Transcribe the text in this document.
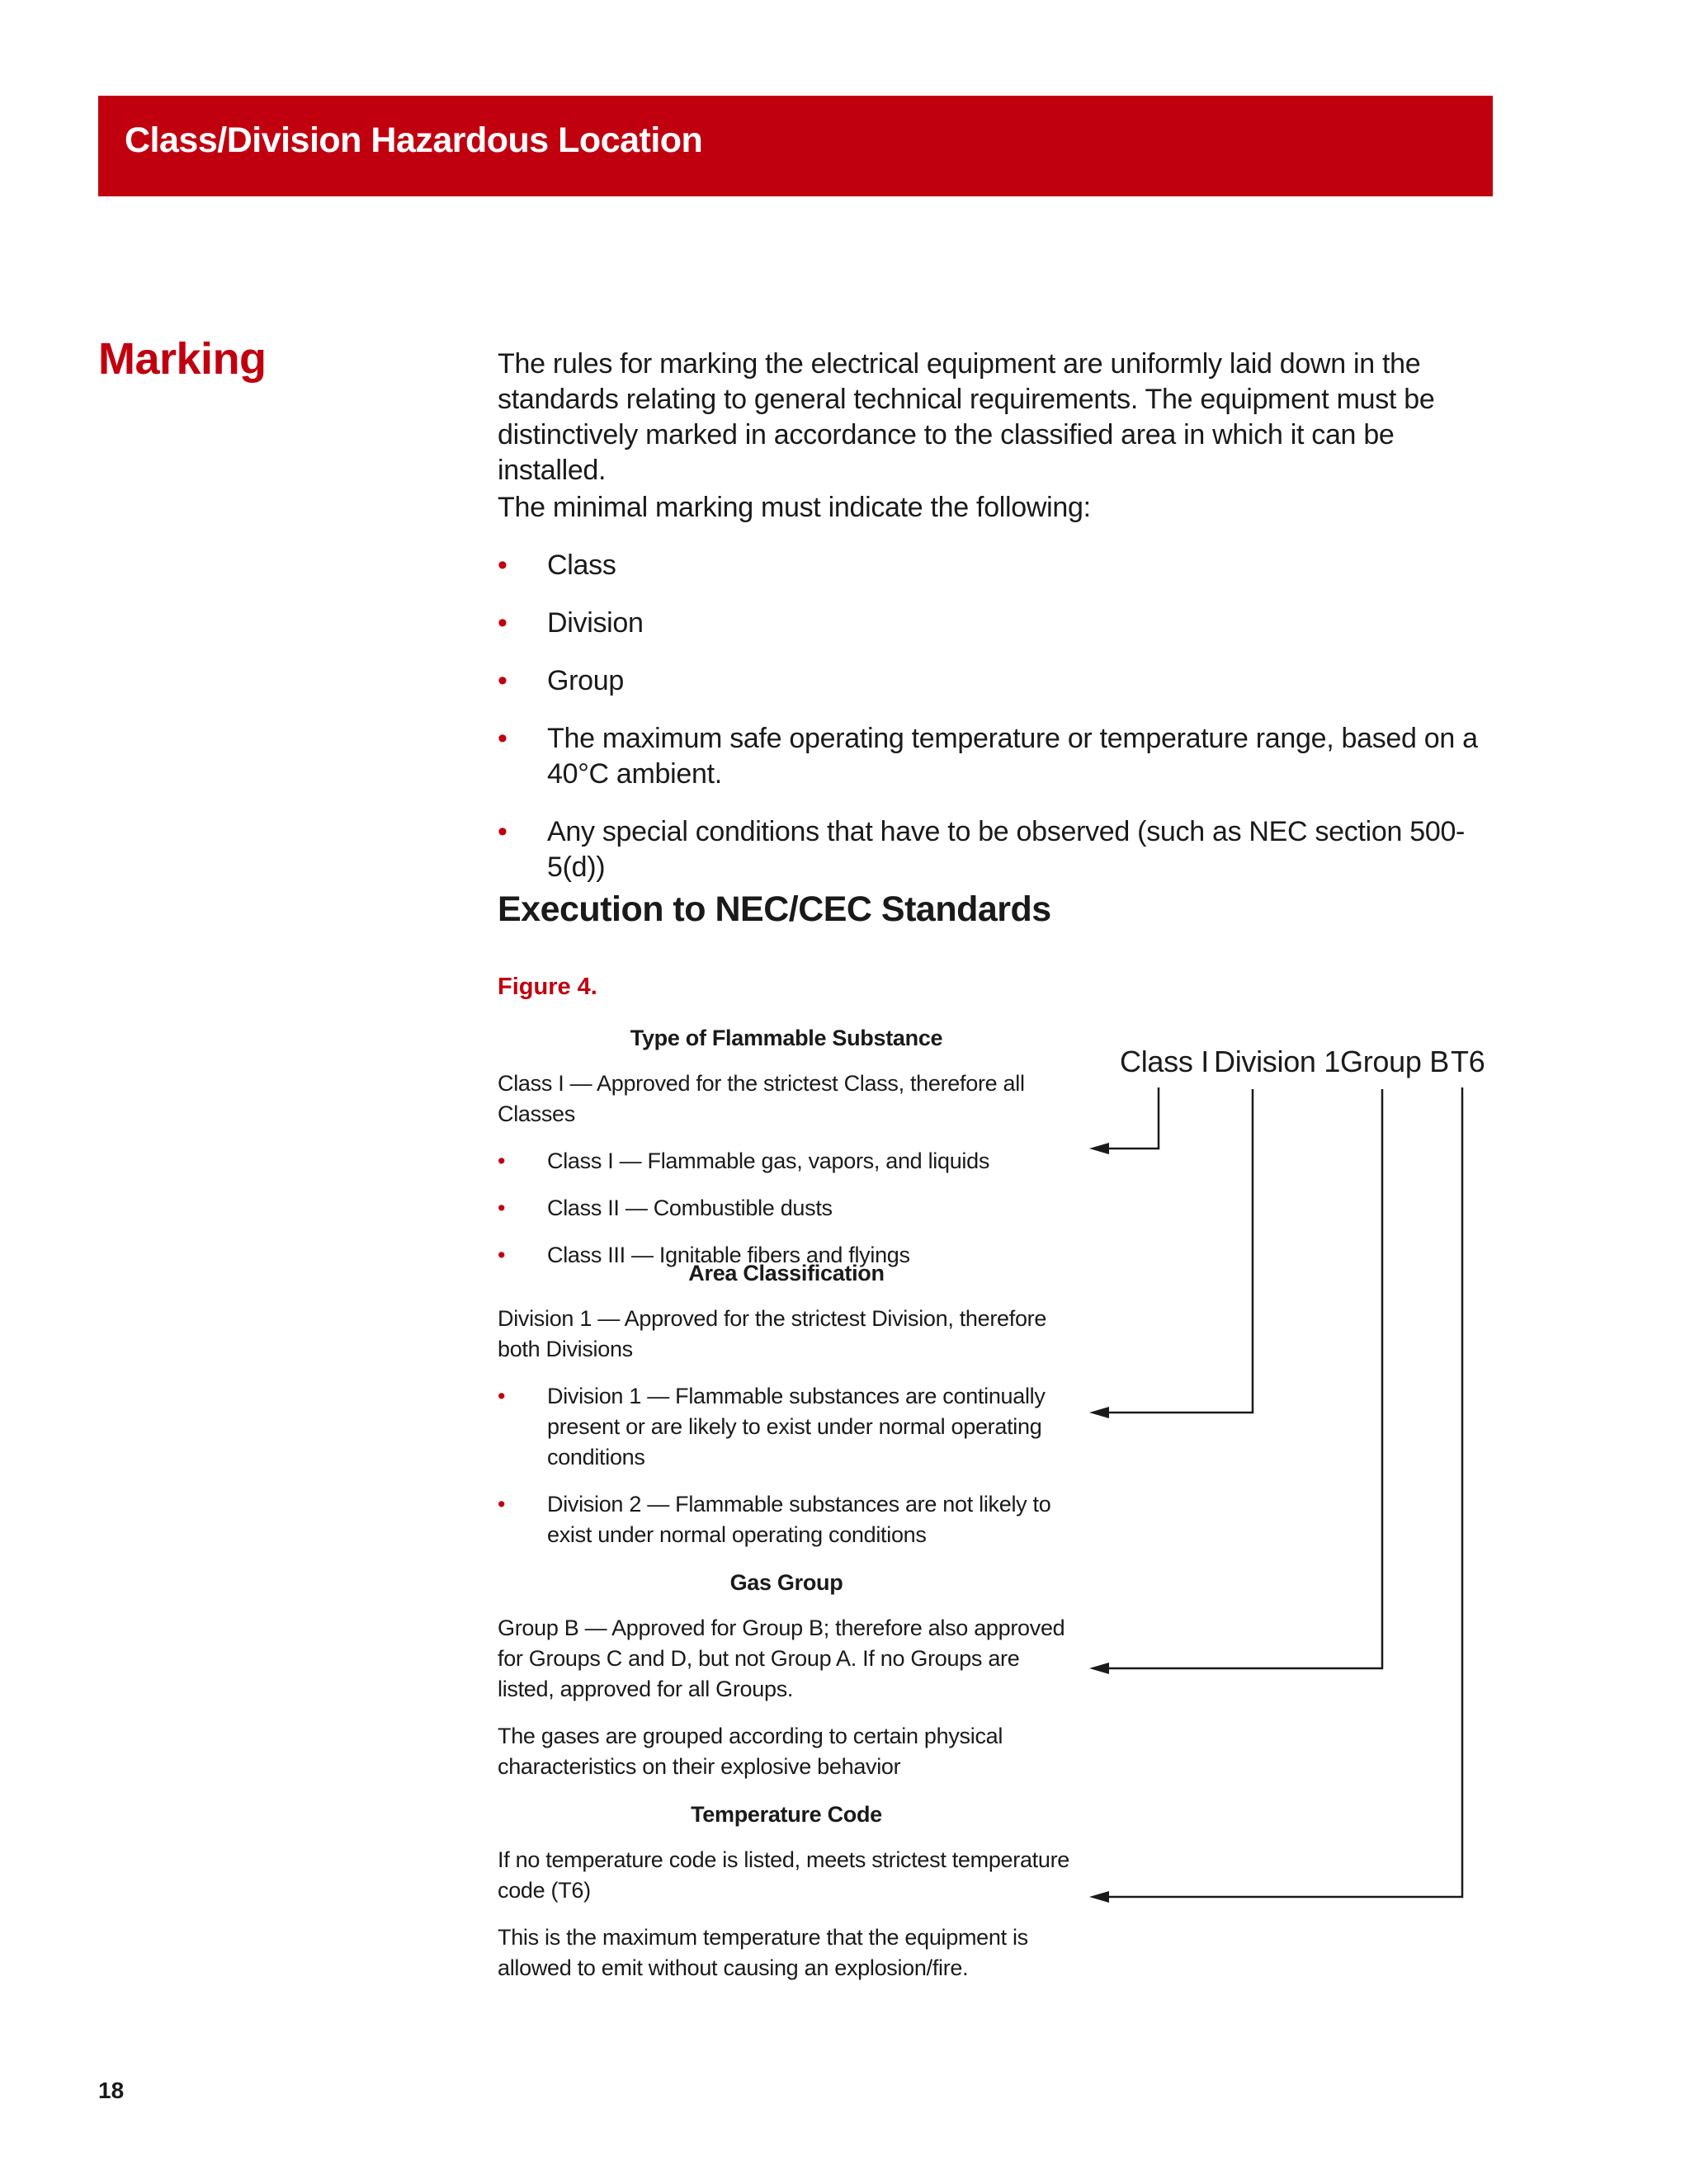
Class/Division Hazardous Location
Marking	The rules for marking the electrical equipment are uniformly laid down in the standards relating to general technical requirements. The equipment must be distinctively marked in accordance to the classified area in which it can be installed.

The minimal marking must indicate the following:

• Class
• Division
• Group
• The maximum safe operating temperature or temperature range, based on a 40°C ambient.
• Any special conditions that have to be observed (such as NEC section 500-5(d))
Execution to NEC/CEC Standards

Figure 4.

Type of Flammable Substance

Class I — Approved for the strictest Class, therefore all Classes

• Class I — Flammable gas, vapors, and liquids
• Class II — Combustible dusts
• Class III — Ignitable fibers and flyings

Area Classification

Division 1 — Approved for the strictest Division, therefore both Divisions

• Division 1 — Flammable substances are continually present or are likely to exist under normal operating conditions
• Division 2 — Flammable substances are not likely to exist under normal operating conditions

Gas Group

Group B — Approved for Group B; therefore also approved for Groups C and D, but not Group A. If no Groups are listed, approved for all Groups.

The gases are grouped according to certain physical characteristics on their explosive behavior

Temperature Code

If no temperature code is listed, meets strictest temperature code (T6)

This is the maximum temperature that the equipment is allowed to emit without causing an explosion/fire.

Class I Division 1 Group B T6

18
